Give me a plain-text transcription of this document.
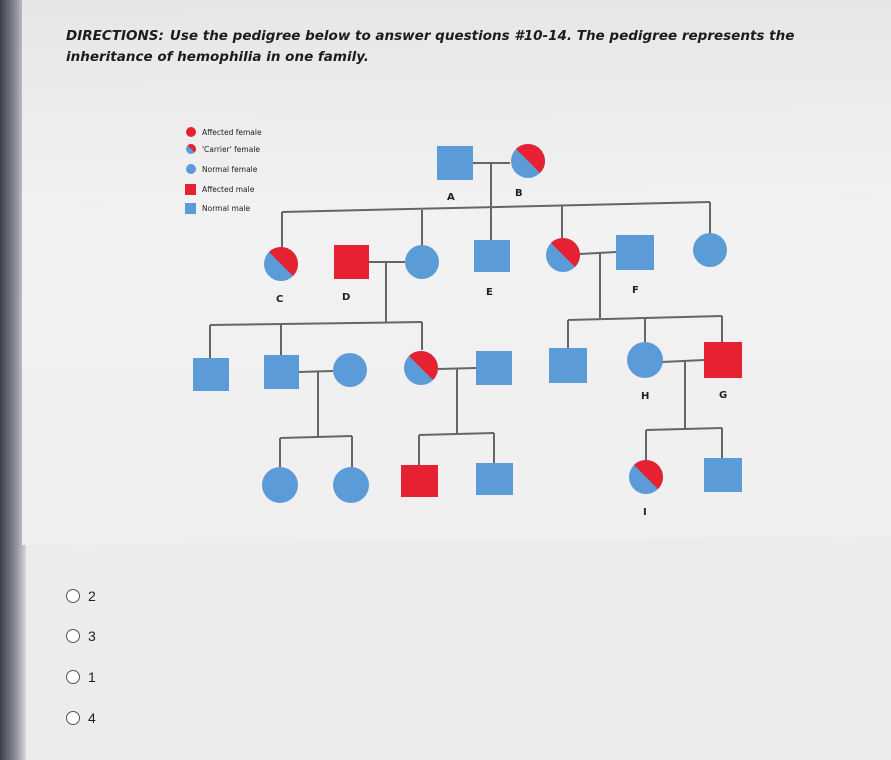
DIRECTIONS: Use the pedigree below to answer questions #10-14. The pedigree represents the inheritance of hemophilia in one family.
Affected female
'Carrier' female
Normal female
Affected male
Normal male
A	B
C	D	E	F
H	G
I
2
3
1
4
